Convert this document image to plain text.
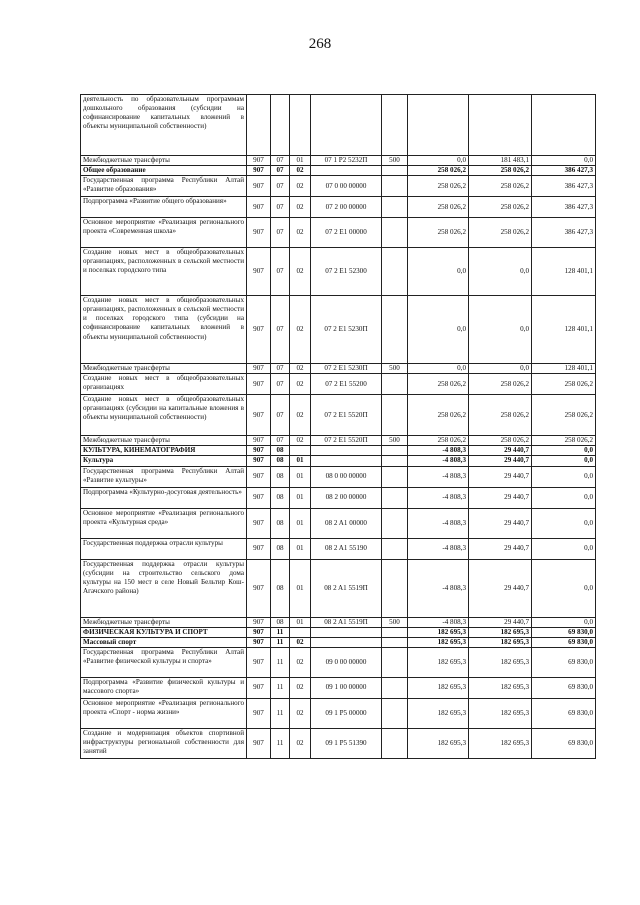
268
деятельность по образовательным программам дошкольного образования (субсидии на софинансирование капитальных вложений в объекты муниципальной собственности)								
Межбюджетные трансферты	907	07	01	07 1 P2 5232П	500	0,0	181 483,1	0,0
Общее образование	907	07	02			258 026,2	258 026,2	386 427,3
Государственная программа Республики Алтай «Развитие образования»	907	07	02	07 0 00 00000		258 026,2	258 026,2	386 427,3
Подпрограмма «Развитие общего образования»	907	07	02	07 2 00 00000		258 026,2	258 026,2	386 427,3
Основное мероприятие «Реализация регионального проекта «Современная школа»	907	07	02	07 2 E1 00000		258 026,2	258 026,2	386 427,3
Создание новых мест в общеобразовательных организациях, расположенных в сельской местности и поселках городского типа	907	07	02	07 2 E1 52300		0,0	0,0	128 401,1
Создание новых мест в общеобразовательных организациях, расположенных в сельской местности и поселках городского типа (субсидии на софинансирование капитальных вложений в объекты муниципальной собственности)	907	07	02	07 2 E1 5230П		0,0	0,0	128 401,1
Межбюджетные трансферты	907	07	02	07 2 E1 5230П	500	0,0	0,0	128 401,1
Создание новых мест в общеобразовательных организациях	907	07	02	07 2 E1 55200		258 026,2	258 026,2	258 026,2
Создание новых мест в общеобразовательных организациях (субсидии на капитальные вложения в объекты муниципальной собственности)	907	07	02	07 2 E1 5520П		258 026,2	258 026,2	258 026,2
Межбюджетные трансферты	907	07	02	07 2 E1 5520П	500	258 026,2	258 026,2	258 026,2
КУЛЬТУРА, КИНЕМАТОГРАФИЯ	907	08				-4 808,3	29 440,7	0,0
Культура	907	08	01			-4 808,3	29 440,7	0,0
Государственная программа Республики Алтай «Развитие культуры»	907	08	01	08 0 00 00000		-4 808,3	29 440,7	0,0
Подпрограмма «Культурно-досуговая деятельность»	907	08	01	08 2 00 00000		-4 808,3	29 440,7	0,0
Основное мероприятие «Реализация регионального проекта «Культурная среда»	907	08	01	08 2 A1 00000		-4 808,3	29 440,7	0,0
Государственная поддержка отрасли культуры	907	08	01	08 2 A1 55190		-4 808,3	29 440,7	0,0
Государственная поддержка отрасли культуры (субсидии на строительство сельского дома культуры на 150 мест в селе Новый Бельтир Кош-Агачского района)	907	08	01	08 2 A1 5519П		-4 808,3	29 440,7	0,0
Межбюджетные трансферты	907	08	01	08 2 A1 5519П	500	-4 808,3	29 440,7	0,0
ФИЗИЧЕСКАЯ КУЛЬТУРА И СПОРТ	907	11				182 695,3	182 695,3	69 830,0
Массовый спорт	907	11	02			182 695,3	182 695,3	69 830,0
Государственная программа Республики Алтай «Развитие физической культуры и спорта»	907	11	02	09 0 00 00000		182 695,3	182 695,3	69 830,0
Подпрограмма «Развитие физической культуры и массового спорта»	907	11	02	09 1 00 00000		182 695,3	182 695,3	69 830,0
Основное мероприятие «Реализация регионального проекта «Спорт - норма жизни»	907	11	02	09 1 P5 00000		182 695,3	182 695,3	69 830,0
Создание и модернизация объектов спортивной инфраструктуры региональной собственности для занятий	907	11	02	09 1 P5 51390		182 695,3	182 695,3	69 830,0
